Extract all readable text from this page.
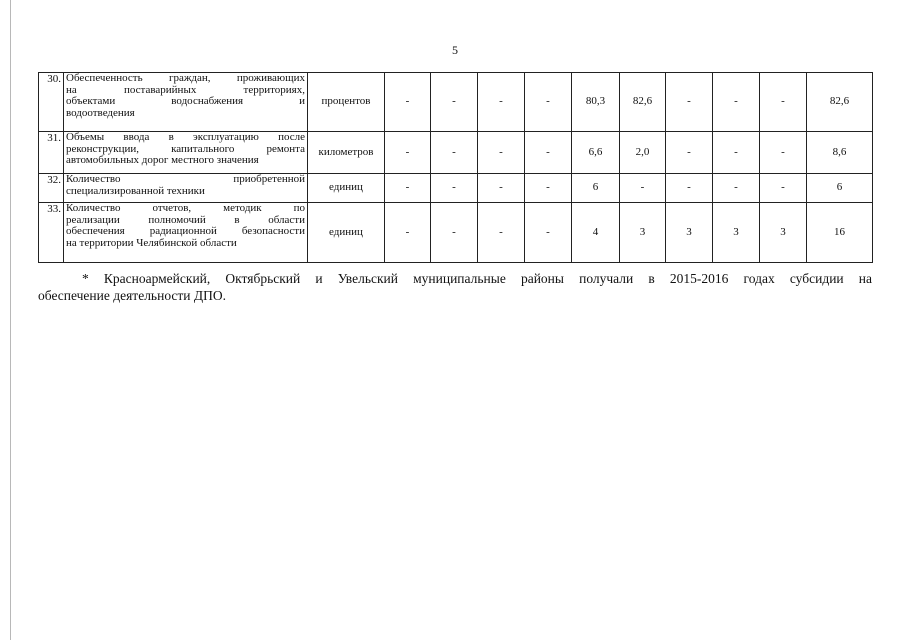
5
30.	Обеспеченность граждан, проживающих
на поставарийных территориях,
объектами водоснабжения и
водоотведения	процентов	-	-	-	-	80,3	82,6	-	-	-	82,6
31.	Объемы ввода в эксплуатацию после
реконструкции, капитального ремонта
автомобильных дорог местного значения	километров	-	-	-	-	6,6	2,0	-	-	-	8,6
32.	Количество приобретенной
специализированной техники	единиц	-	-	-	-	6	-	-	-	-	6
33.	Количество отчетов, методик по
реализации полномочий в области
обеспечения радиационной безопасности
на территории Челябинской области	единиц	-	-	-	-	4	3	3	3	3	16
* Красноармейский, Октябрьский и Увельский муниципальные районы получали в 2015-2016 годах субсидии на
обеспечение деятельности ДПО.
